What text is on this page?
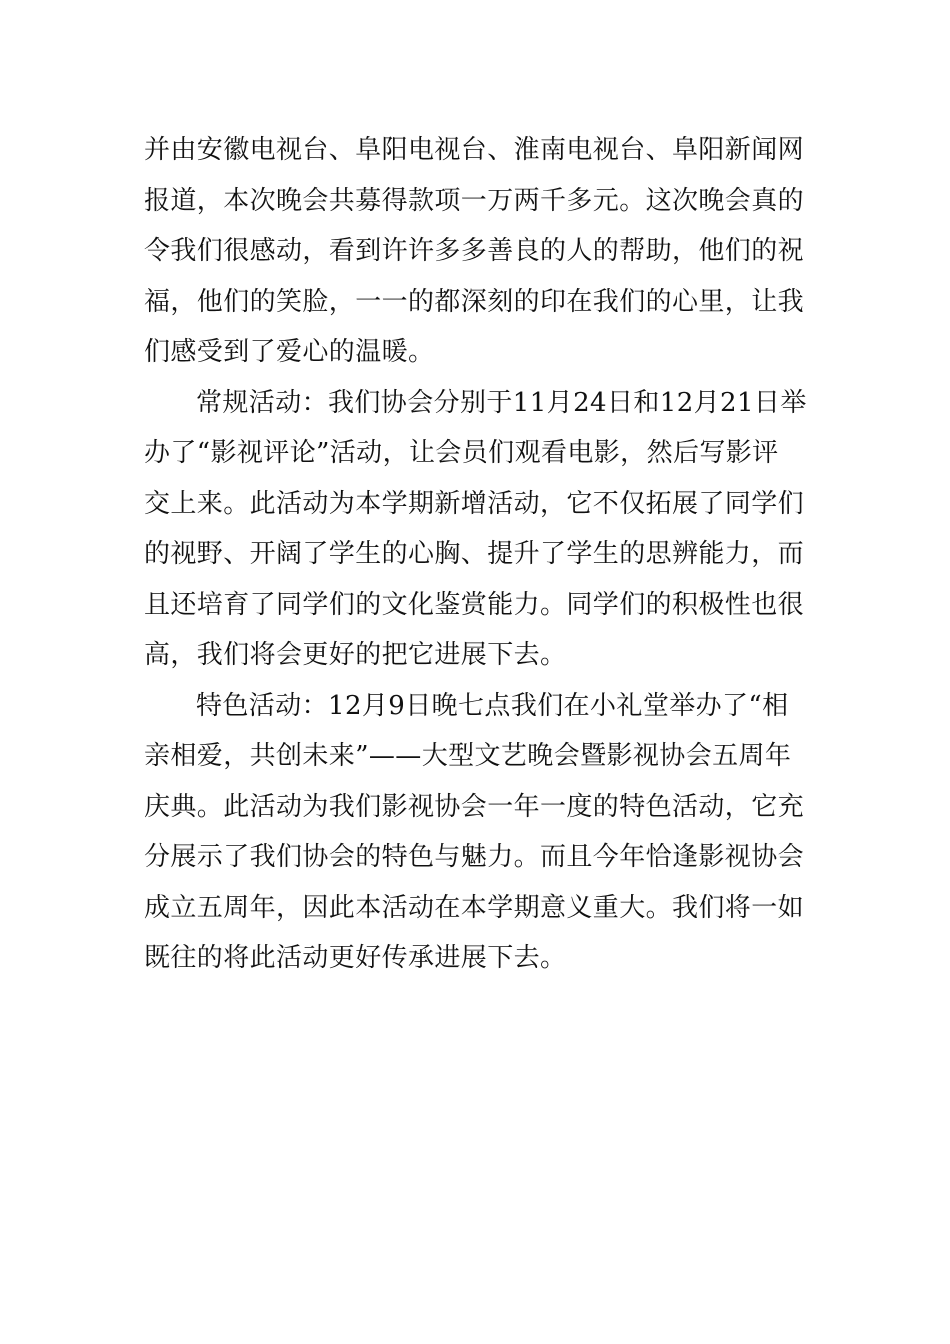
并由安徽电视台、阜阳电视台、淮南电视台、阜阳新闻网
报道，本次晚会共募得款项一万两千多元。这次晚会真的
令我们很感动，看到许许多多善良的人的帮助，他们的祝
福，他们的笑脸，一一的都深刻的印在我们的心里，让我
们感受到了爱心的温暖。
常规活动：我们协会分别于11月24日和12月21日举
办了“影视评论”活动，让会员们观看电影，然后写影评
交上来。此活动为本学期新增活动，它不仅拓展了同学们
的视野、开阔了学生的心胸、提升了学生的思辨能力，而
且还培育了同学们的文化鉴赏能力。同学们的积极性也很
高，我们将会更好的把它进展下去。
特色活动：12月9日晚七点我们在小礼堂举办了“相
亲相爱，共创未来”——大型文艺晚会暨影视协会五周年
庆典。此活动为我们影视协会一年一度的特色活动，它充
分展示了我们协会的特色与魅力。而且今年恰逢影视协会
成立五周年，因此本活动在本学期意义重大。我们将一如
既往的将此活动更好传承进展下去。
